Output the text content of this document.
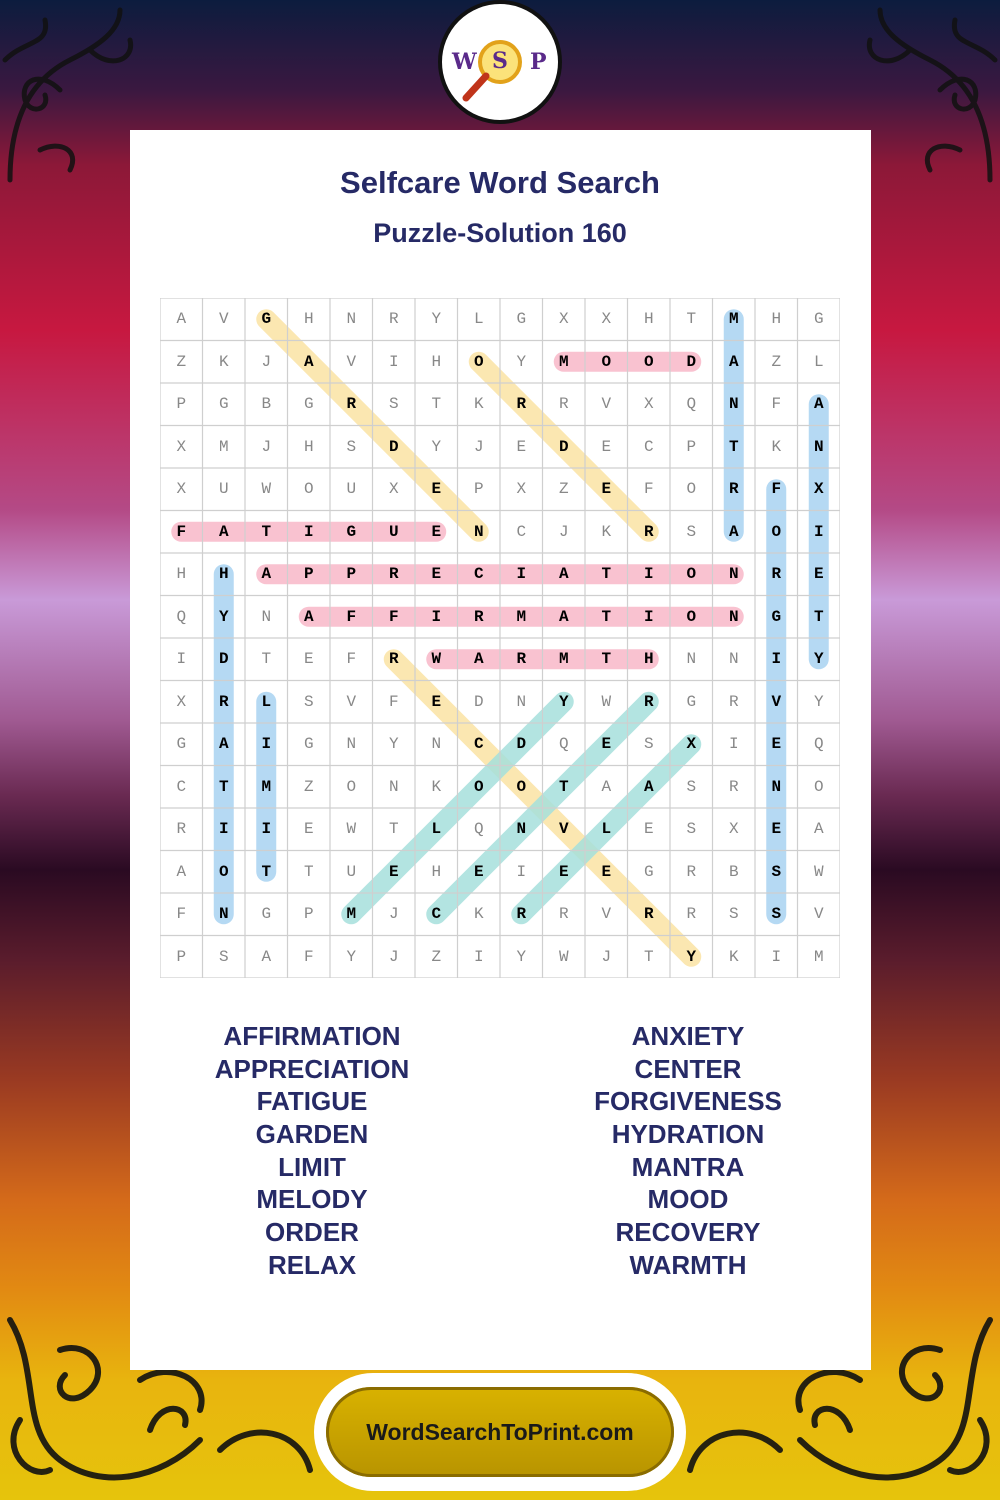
W S P
Selfcare Word Search
Puzzle-Solution 160
A	V	G	H	N	R	Y	L	G	X	X	H	T	M	H	G
Z	K	J	A	V	I	H	O	Y	M	O	O	D	A	Z	L
P	G	B	G	R	S	T	K	R	R	V	X	Q	N	F	A
X	M	J	H	S	D	Y	J	E	D	E	C	P	T	K	N
X	U	W	O	U	X	E	P	X	Z	E	F	O	R	F	X
F	A	T	I	G	U	E	N	C	J	K	R	S	A	O	I
H	H	A	P	P	R	E	C	I	A	T	I	O	N	R	E
Q	Y	N	A	F	F	I	R	M	A	T	I	O	N	G	T
I	D	T	E	F	R	W	A	R	M	T	H	N	N	I	Y
X	R	L	S	V	F	E	D	N	Y	W	R	G	R	V	Y
G	A	I	G	N	Y	N	C	D	Q	E	S	X	I	E	Q
C	T	M	Z	O	N	K	O	O	T	A	A	S	R	N	O
R	I	I	E	W	T	L	Q	N	V	L	E	S	X	E	A
A	O	T	T	U	E	H	E	I	E	E	G	R	B	S	W
F	N	G	P	M	J	C	K	R	R	V	R	R	S	S	V
P	S	A	F	Y	J	Z	I	Y	W	J	T	Y	K	I	M
AFFIRMATION
APPRECIATION
FATIGUE
GARDEN
LIMIT
MELODY
ORDER
RELAX
ANXIETY
CENTER
FORGIVENESS
HYDRATION
MANTRA
MOOD
RECOVERY
WARMTH
WordSearchToPrint.com
